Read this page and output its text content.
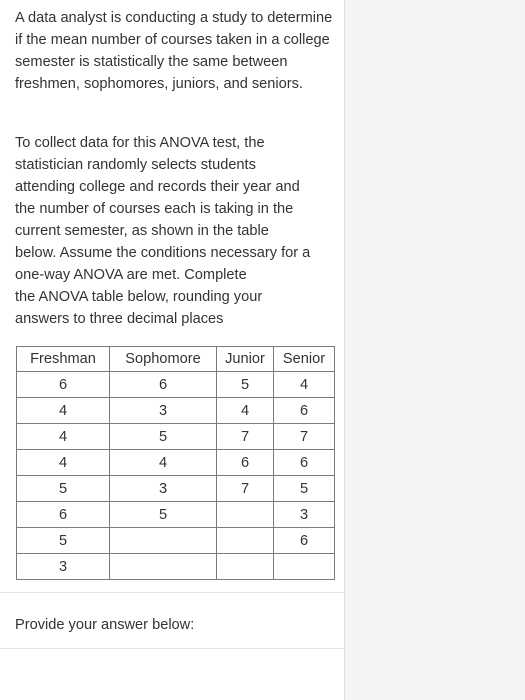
A data analyst is conducting a study to determine if the mean number of courses taken in a college semester is statistically the same between freshmen, sophomores, juniors, and seniors.

To collect data for this ANOVA test, the
statistician randomly selects students
attending college and records their year and
the number of courses each is taking in the
current semester, as shown in the table
below. Assume the conditions necessary for a
one-way ANOVA are met. Complete
the ANOVA table below, rounding your
answers to three decimal places

Freshman	Sophomore	Junior	Senior
6	6	5	4
4	3	4	6
4	5	7	7
4	4	6	6
5	3	7	5
6	5		3
5			6
3			
Provide your answer below:
